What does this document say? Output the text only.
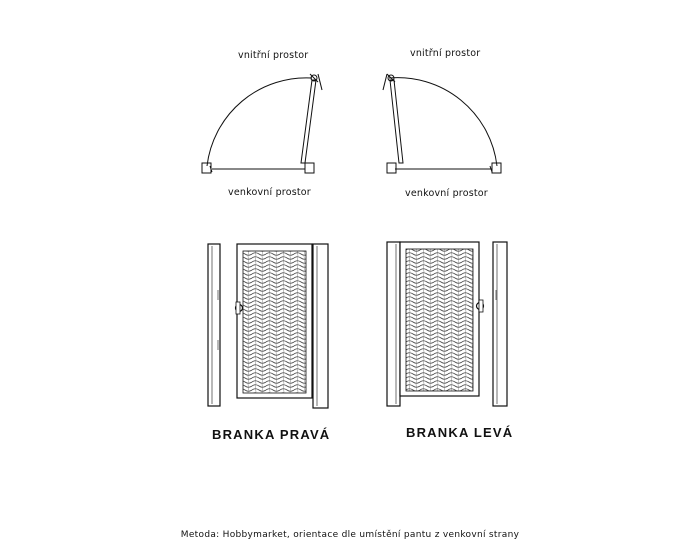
vnitřní prostor
venkovní prostor
vnitřní prostor
venkovní prostor
BRANKA PRAVÁ	BRANKA LEVÁ
Metoda: Hobbymarket, orientace dle umístění pantu z venkovní strany
